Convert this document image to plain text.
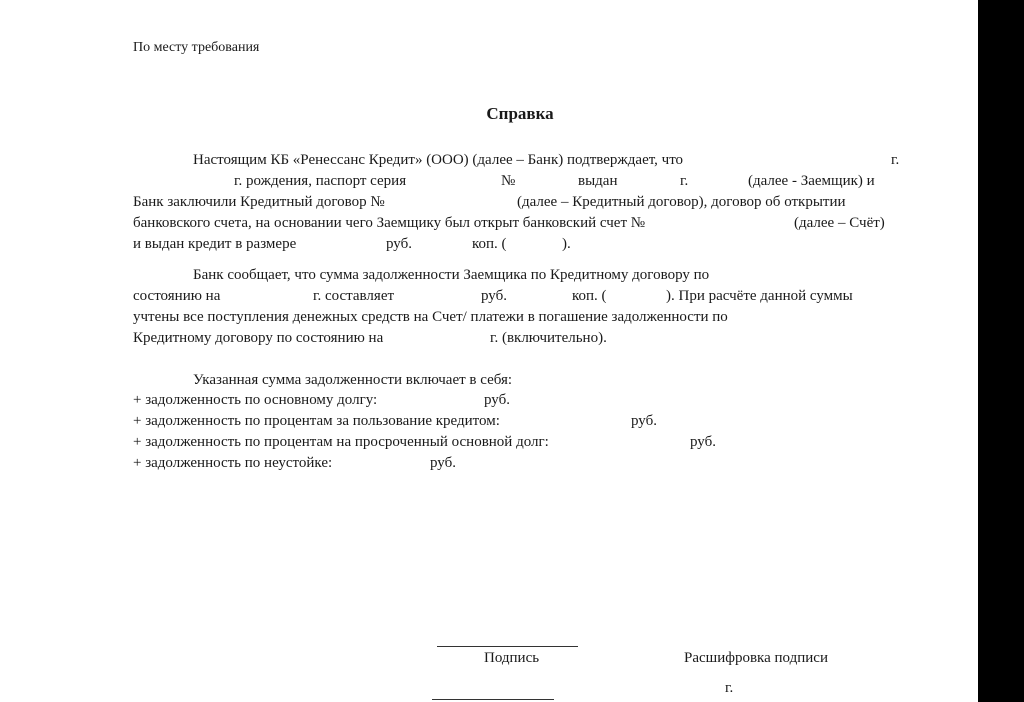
По месту требования
Справка
Настоящим КБ «Ренессанс Кредит» (ООО) (далее – Банк) подтверждает, что	г.
г. рождения, паспорт серия	№	выдан	г.	(далее - Заемщик) и
Банк заключили Кредитный договор №	(далее – Кредитный договор), договор об открытии
банковского счета, на основании чего Заемщику был открыт банковский счет №	(далее – Счёт)
и выдан кредит в размере	руб.	коп. (	).
Банк сообщает, что сумма задолженности Заемщика по Кредитному договору по
состоянию на	г. составляет	руб.	коп. (	). При расчёте данной суммы
учтены все поступления денежных средств на Счет/ платежи в погашение задолженности по
Кредитному договору по состоянию на	г. (включительно).
Указанная сумма задолженности включает в себя:
+ задолженность по основному долгу:	руб.
+ задолженность по процентам за пользование кредитом:	руб.
+ задолженность по процентам на просроченный основной долг:	руб.
+ задолженность по неустойке:	руб.
Подпись	Расшифровка подписи
г.
